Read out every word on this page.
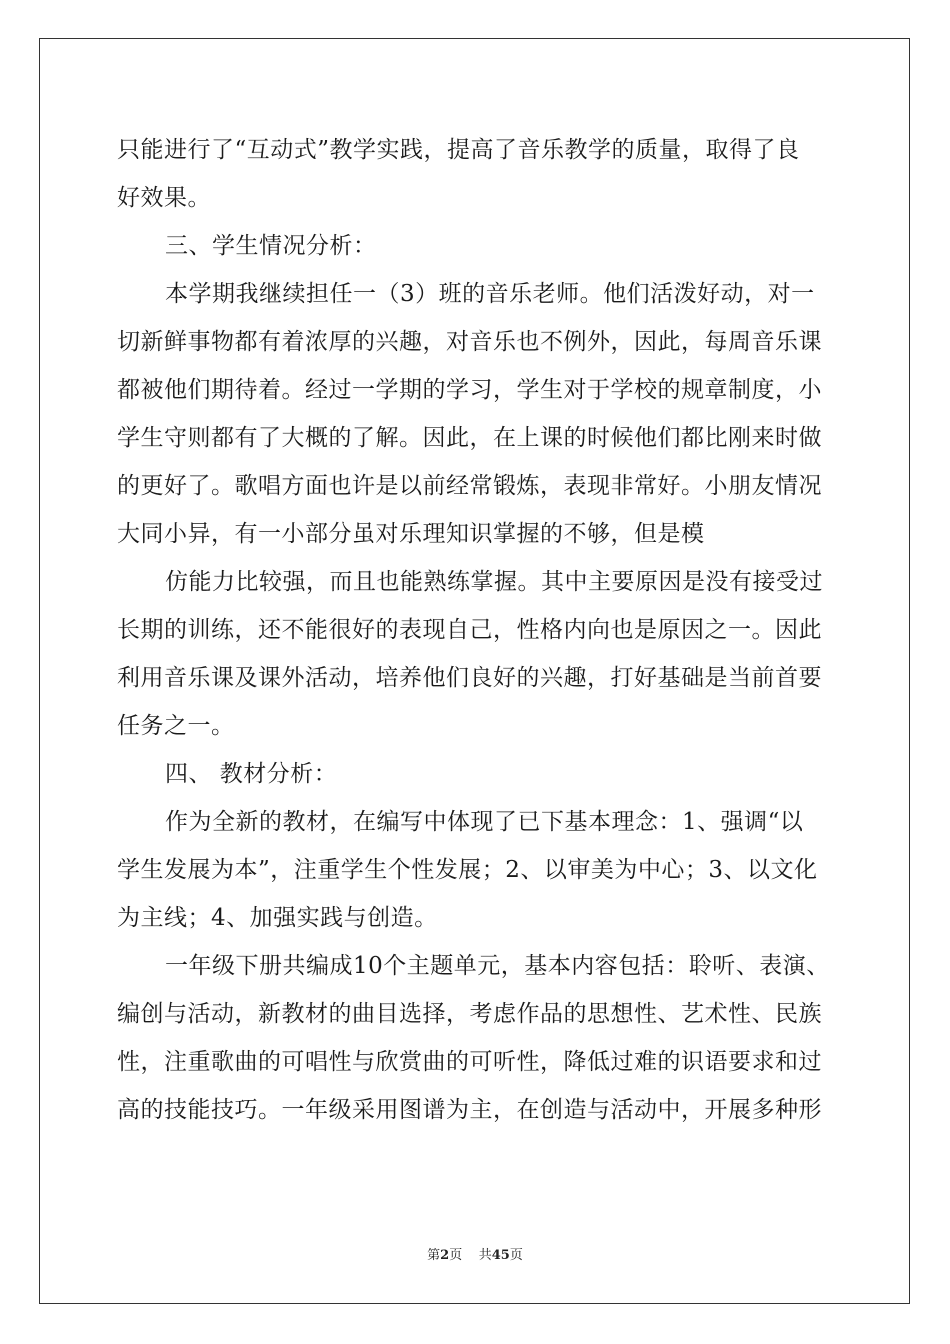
只能进行了“互动式”教学实践，提高了音乐教学的质量，取得了良
好效果。
三、学生情况分析：
本学期我继续担任一（3）班的音乐老师。他们活泼好动，对一
切新鲜事物都有着浓厚的兴趣，对音乐也不例外，因此，每周音乐课
都被他们期待着。经过一学期的学习，学生对于学校的规章制度，小
学生守则都有了大概的了解。因此，在上课的时候他们都比刚来时做
的更好了。歌唱方面也许是以前经常锻炼，表现非常好。小朋友情况
大同小异，有一小部分虽对乐理知识掌握的不够，但是模
仿能力比较强，而且也能熟练掌握。其中主要原因是没有接受过
长期的训练，还不能很好的表现自己，性格内向也是原因之一。因此
利用音乐课及课外活动，培养他们良好的兴趣，打好基础是当前首要
任务之一。
四、 教材分析：
作为全新的教材，在编写中体现了已下基本理念：1、强调“以
学生发展为本”，注重学生个性发展；2、以审美为中心；3、以文化
为主线；4、加强实践与创造。
一年级下册共编成10个主题单元，基本内容包括：聆听、表演、
编创与活动，新教材的曲目选择，考虑作品的思想性、艺术性、民族
性，注重歌曲的可唱性与欣赏曲的可听性，降低过难的识语要求和过
高的技能技巧。一年级采用图谱为主，在创造与活动中，开展多种形
第2页    共45页
